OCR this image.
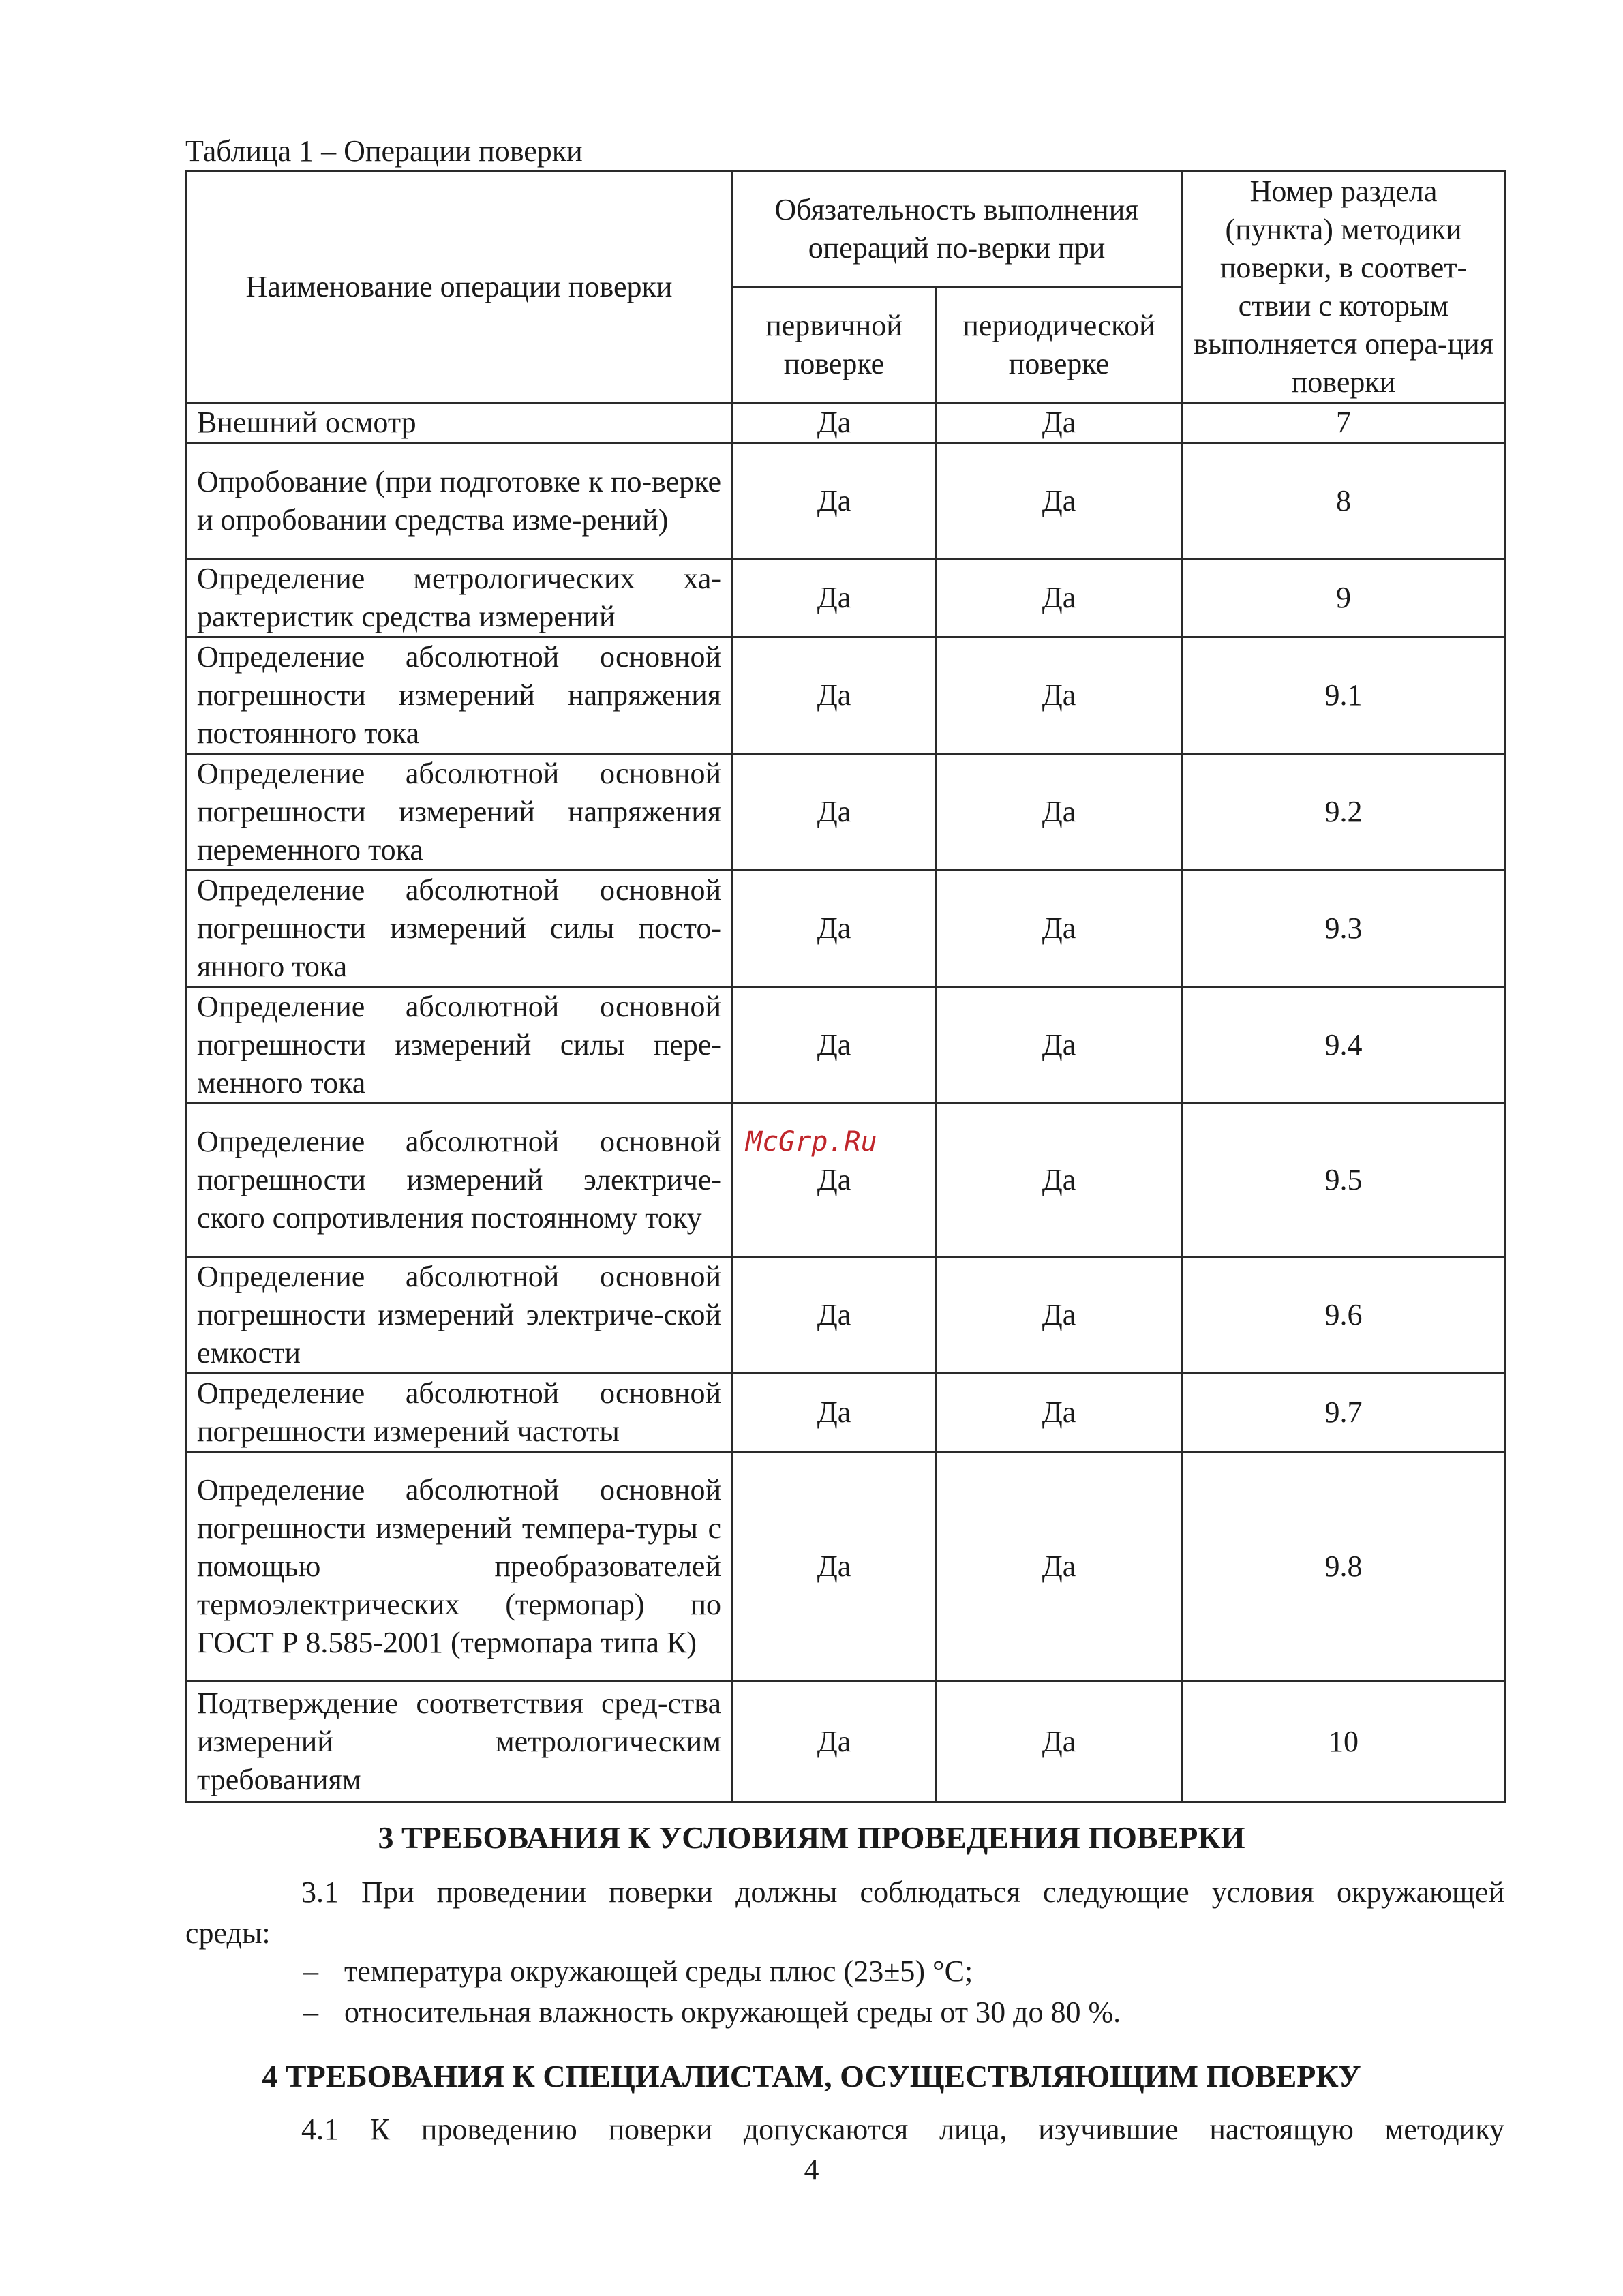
Таблица 1 – Операции поверки
Наименование операции поверки	Обязательность выполнения операций по-верки при		Номер раздела (пункта) методики поверки, в соответ-ствии с которым выполняется опера-ция поверки
	первичной поверке	периодической поверке	
Внешний осмотр	Да	Да	7
Опробование (при подготовке к по-верке и опробовании средства изме-рений)	Да	Да	8
Определение метрологических ха-рактеристик средства измерений	Да	Да	9
Определение абсолютной основной погрешности измерений напряжения постоянного тока	Да	Да	9.1
Определение абсолютной основной погрешности измерений напряжения переменного тока	Да	Да	9.2
Определение абсолютной основной погрешности измерений силы посто-янного тока	Да	Да	9.3
Определение абсолютной основной погрешности измерений силы пере-менного тока	Да	Да	9.4
Определение абсолютной основной погрешности измерений электриче-ского сопротивления постоянному току	Да	Да	9.5
Определение абсолютной основной погрешности измерений электриче-ской емкости	Да	Да	9.6
Определение абсолютной основной погрешности измерений частоты	Да	Да	9.7
Определение абсолютной основной погрешности измерений темпера-туры с помощью преобразователей термоэлектрических (термопар) по ГОСТ Р 8.585-2001 (термопара типа К)	Да	Да	9.8
Подтверждение соответствия сред-ства измерений метрологическим требованиям	Да	Да	10
McGrp.Ru
3 ТРЕБОВАНИЯ К УСЛОВИЯМ ПРОВЕДЕНИЯ ПОВЕРКИ
3.1 При проведении поверки должны соблюдаться следующие условия окружающей
среды:
– температура окружающей среды плюс (23±5) °С;
– относительная влажность окружающей среды от 30 до 80 %.
4 ТРЕБОВАНИЯ К СПЕЦИАЛИСТАМ, ОСУЩЕСТВЛЯЮЩИМ ПОВЕРКУ
4.1 К проведению поверки допускаются лица, изучившие настоящую методику
4
